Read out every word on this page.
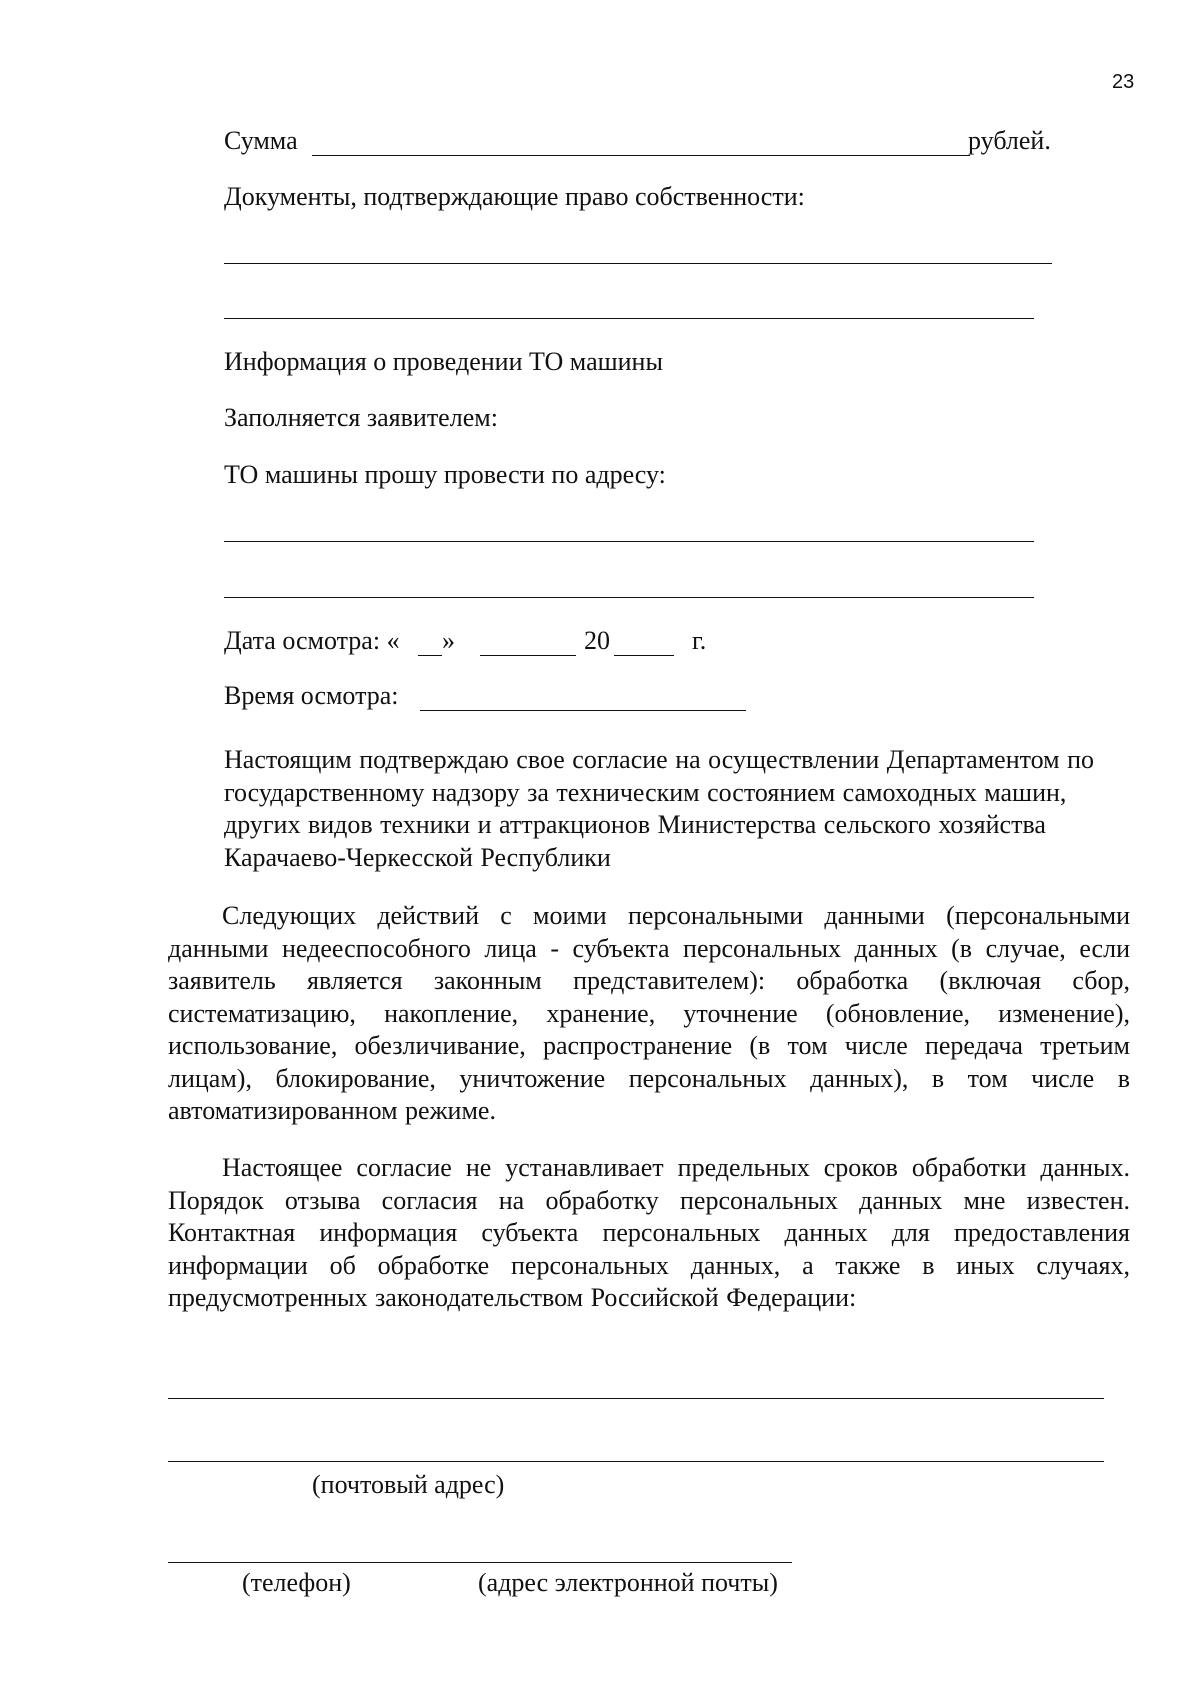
23
Сумма	рублей.
Документы, подтверждающие право собственности:
Информация о проведении ТО машины
Заполняется заявителем:
ТО машины прошу провести по адресу:
Дата осмотра: « »	20	г.
Время осмотра:
Настоящим подтверждаю свое согласие на осуществлении Департаментом по государственному надзору за техническим состоянием самоходных машин, других видов техники и аттракционов Министерства сельского хозяйства Карачаево-Черкесской Республики
Следующих действий с моими персональными данными (персональными данными недееспособного лица - субъекта персональных данных (в случае, если заявитель является законным представителем): обработка (включая сбор, систематизацию, накопление, хранение, уточнение (обновление, изменение), использование, обезличивание, распространение (в том числе передача третьим лицам), блокирование, уничтожение персональных данных), в том числе в автоматизированном режиме.
Настоящее согласие не устанавливает предельных сроков обработки данных. Порядок отзыва согласия на обработку персональных данных мне известен. Контактная информация субъекта персональных данных для предоставления информации об обработке персональных данных, а также в иных случаях, предусмотренных законодательством Российской Федерации:
(почтовый адрес)
(телефон)	(адрес электронной почты)
